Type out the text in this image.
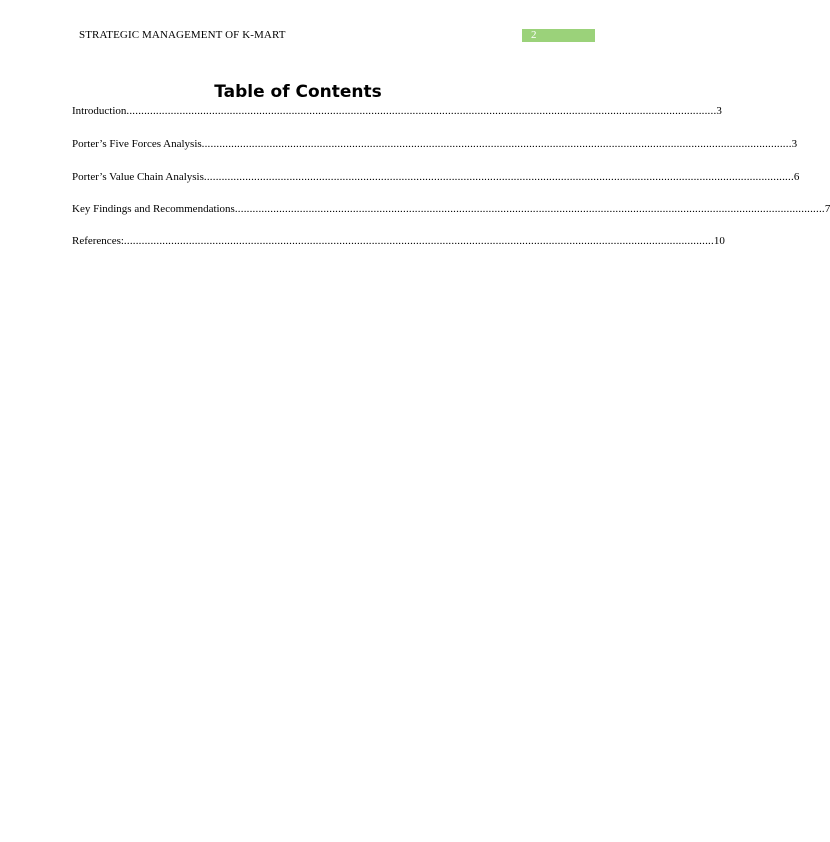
STRATEGIC MANAGEMENT OF K-MART	2
Table of Contents
Introduction ........................................................................................................................................................................................................ 3
Porter’s Five Forces Analysis ........................................................................................................................................................................................................ 3
Porter’s Value Chain Analysis ........................................................................................................................................................................................................ 6
Key Findings and Recommendations ........................................................................................................................................................................................................ 7
References: ........................................................................................................................................................................................................ 10
